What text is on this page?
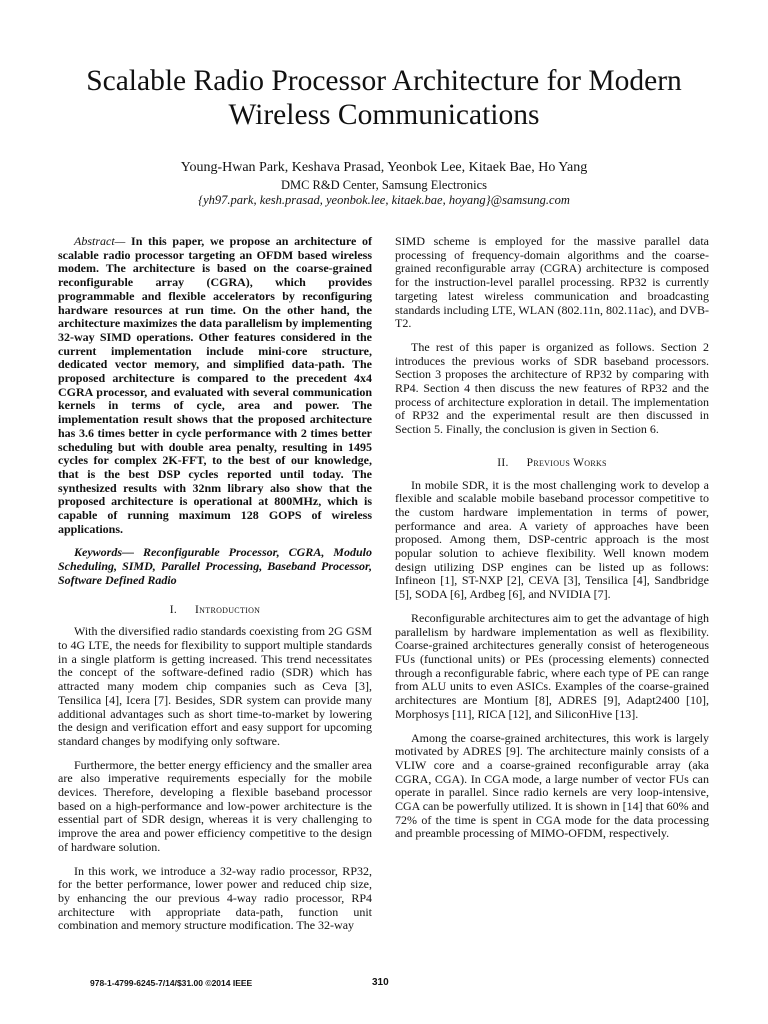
Scalable Radio Processor Architecture for Modern Wireless Communications
Young-Hwan Park, Keshava Prasad, Yeonbok Lee, Kitaek Bae, Ho Yang
DMC R&D Center, Samsung Electronics
{yh97.park, kesh.prasad, yeonbok.lee, kitaek.bae, hoyang}@samsung.com

Abstract— In this paper, we propose an architecture of scalable radio processor targeting an OFDM based wireless modem. The architecture is based on the coarse-grained reconfigurable array (CGRA), which provides programmable and flexible accelerators by reconfiguring hardware resources at run time. On the other hand, the architecture maximizes the data parallelism by implementing 32-way SIMD operations. Other features considered in the current implementation include mini-core structure, dedicated vector memory, and simplified data-path. The proposed architecture is compared to the precedent 4x4 CGRA processor, and evaluated with several communication kernels in terms of cycle, area and power. The implementation result shows that the proposed architecture has 3.6 times better in cycle performance with 2 times better scheduling but with double area penalty, resulting in 1495 cycles for complex 2K-FFT, to the best of our knowledge, that is the best DSP cycles reported until today. The synthesized results with 32nm library also show that the proposed architecture is operational at 800MHz, which is capable of running maximum 128 GOPS of wireless applications.

Keywords— Reconfigurable Processor, CGRA, Modulo Scheduling, SIMD, Parallel Processing, Baseband Processor, Software Defined Radio

I. Introduction

With the diversified radio standards coexisting from 2G GSM to 4G LTE, the needs for flexibility to support multiple standards in a single platform is getting increased. This trend necessitates the concept of the software-defined radio (SDR) which has attracted many modem chip companies such as Ceva [3], Tensilica [4], Icera [7]. Besides, SDR system can provide many additional advantages such as short time-to-market by lowering the design and verification effort and easy support for upcoming standard changes by modifying only software.

Furthermore, the better energy efficiency and the smaller area are also imperative requirements especially for the mobile devices. Therefore, developing a flexible baseband processor based on a high-performance and low-power architecture is the essential part of SDR design, whereas it is very challenging to improve the area and power efficiency competitive to the design of hardware solution.

In this work, we introduce a 32-way radio processor, RP32, for the better performance, lower power and reduced chip size, by enhancing the our previous 4-way radio processor, RP4 architecture with appropriate data-path, function unit combination and memory structure modification. The 32-way

SIMD scheme is employed for the massive parallel data processing of frequency-domain algorithms and the coarse-grained reconfigurable array (CGRA) architecture is composed for the instruction-level parallel processing. RP32 is currently targeting latest wireless communication and broadcasting standards including LTE, WLAN (802.11n, 802.11ac), and DVB-T2.

The rest of this paper is organized as follows. Section 2 introduces the previous works of SDR baseband processors. Section 3 proposes the architecture of RP32 by comparing with RP4. Section 4 then discuss the new features of RP32 and the process of architecture exploration in detail. The implementation of RP32 and the experimental result are then discussed in Section 5. Finally, the conclusion is given in Section 6.

II. Previous Works

In mobile SDR, it is the most challenging work to develop a flexible and scalable mobile baseband processor competitive to the custom hardware implementation in terms of power, performance and area. A variety of approaches have been proposed. Among them, DSP-centric approach is the most popular solution to achieve flexibility. Well known modem design utilizing DSP engines can be listed up as follows: Infineon [1], ST-NXP [2], CEVA [3], Tensilica [4], Sandbridge [5], SODA [6], Ardbeg [6], and NVIDIA [7].

Reconfigurable architectures aim to get the advantage of high parallelism by hardware implementation as well as flexibility. Coarse-grained architectures generally consist of heterogeneous FUs (functional units) or PEs (processing elements) connected through a reconfigurable fabric, where each type of PE can range from ALU units to even ASICs. Examples of the coarse-grained architectures are Montium [8], ADRES [9], Adapt2400 [10], Morphosys [11], RICA [12], and SiliconHive [13].

Among the coarse-grained architectures, this work is largely motivated by ADRES [9]. The architecture mainly consists of a VLIW core and a coarse-grained reconfigurable array (aka CGRA, CGA). In CGA mode, a large number of vector FUs can operate in parallel. Since radio kernels are very loop-intensive, CGA can be powerfully utilized. It is shown in [14] that 60% and 72% of the time is spent in CGA mode for the data processing and preamble processing of MIMO-OFDM, respectively.

978-1-4799-6245-7/14/$31.00 ©2014 IEEE	310
